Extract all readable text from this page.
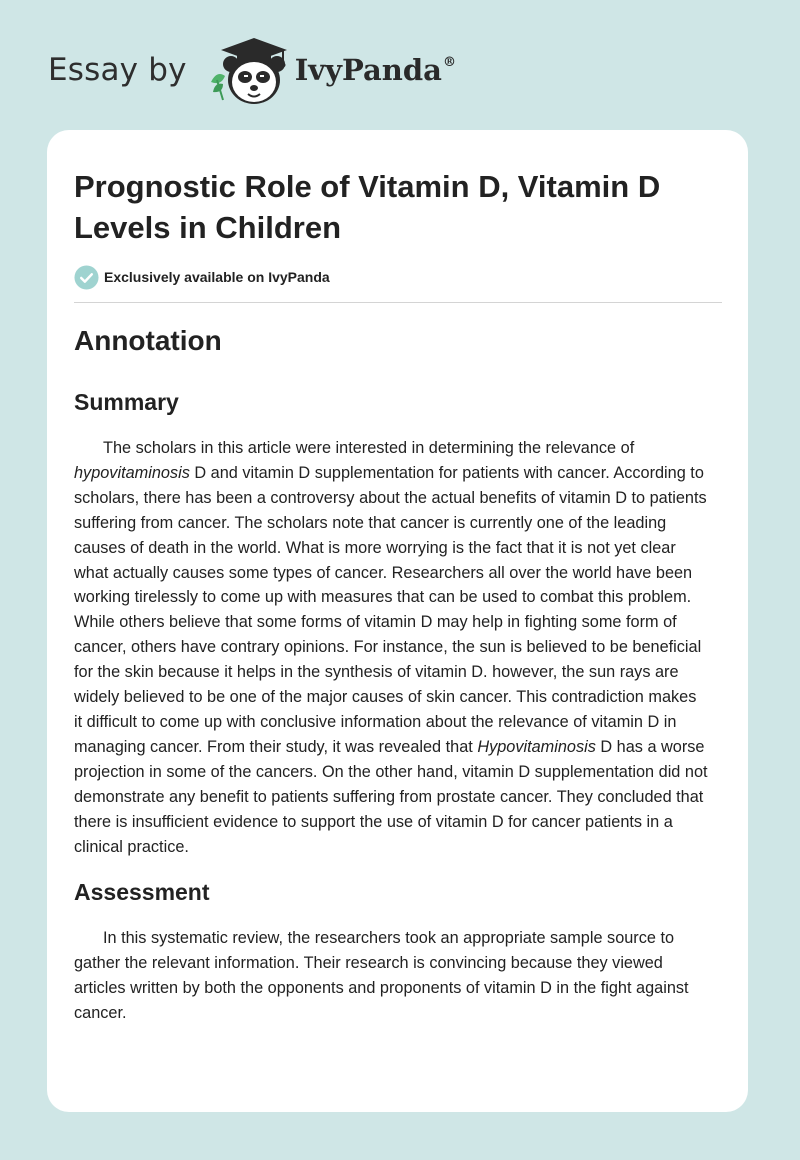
Essay by	IvyPanda®
Prognostic Role of Vitamin D, Vitamin D
Levels in Children
Exclusively available on IvyPanda
Annotation
Summary

The scholars in this article were interested in determining the relevance of
hypovitaminosis D and vitamin D supplementation for patients with cancer. According to
scholars, there has been a controversy about the actual benefits of vitamin D to patients
suffering from cancer. The scholars note that cancer is currently one of the leading
causes of death in the world. What is more worrying is the fact that it is not yet clear
what actually causes some types of cancer. Researchers all over the world have been
working tirelessly to come up with measures that can be used to combat this problem.
While others believe that some forms of vitamin D may help in fighting some form of
cancer, others have contrary opinions. For instance, the sun is believed to be beneficial
for the skin because it helps in the synthesis of vitamin D. however, the sun rays are
widely believed to be one of the major causes of skin cancer. This contradiction makes
it difficult to come up with conclusive information about the relevance of vitamin D in
managing cancer. From their study, it was revealed that Hypovitaminosis D has a worse
projection in some of the cancers. On the other hand, vitamin D supplementation did not
demonstrate any benefit to patients suffering from prostate cancer. They concluded that
there is insufficient evidence to support the use of vitamin D for cancer patients in a
clinical practice.

Assessment

In this systematic review, the researchers took an appropriate sample source to
gather the relevant information. Their research is convincing because they viewed
articles written by both the opponents and proponents of vitamin D in the fight against
cancer.
